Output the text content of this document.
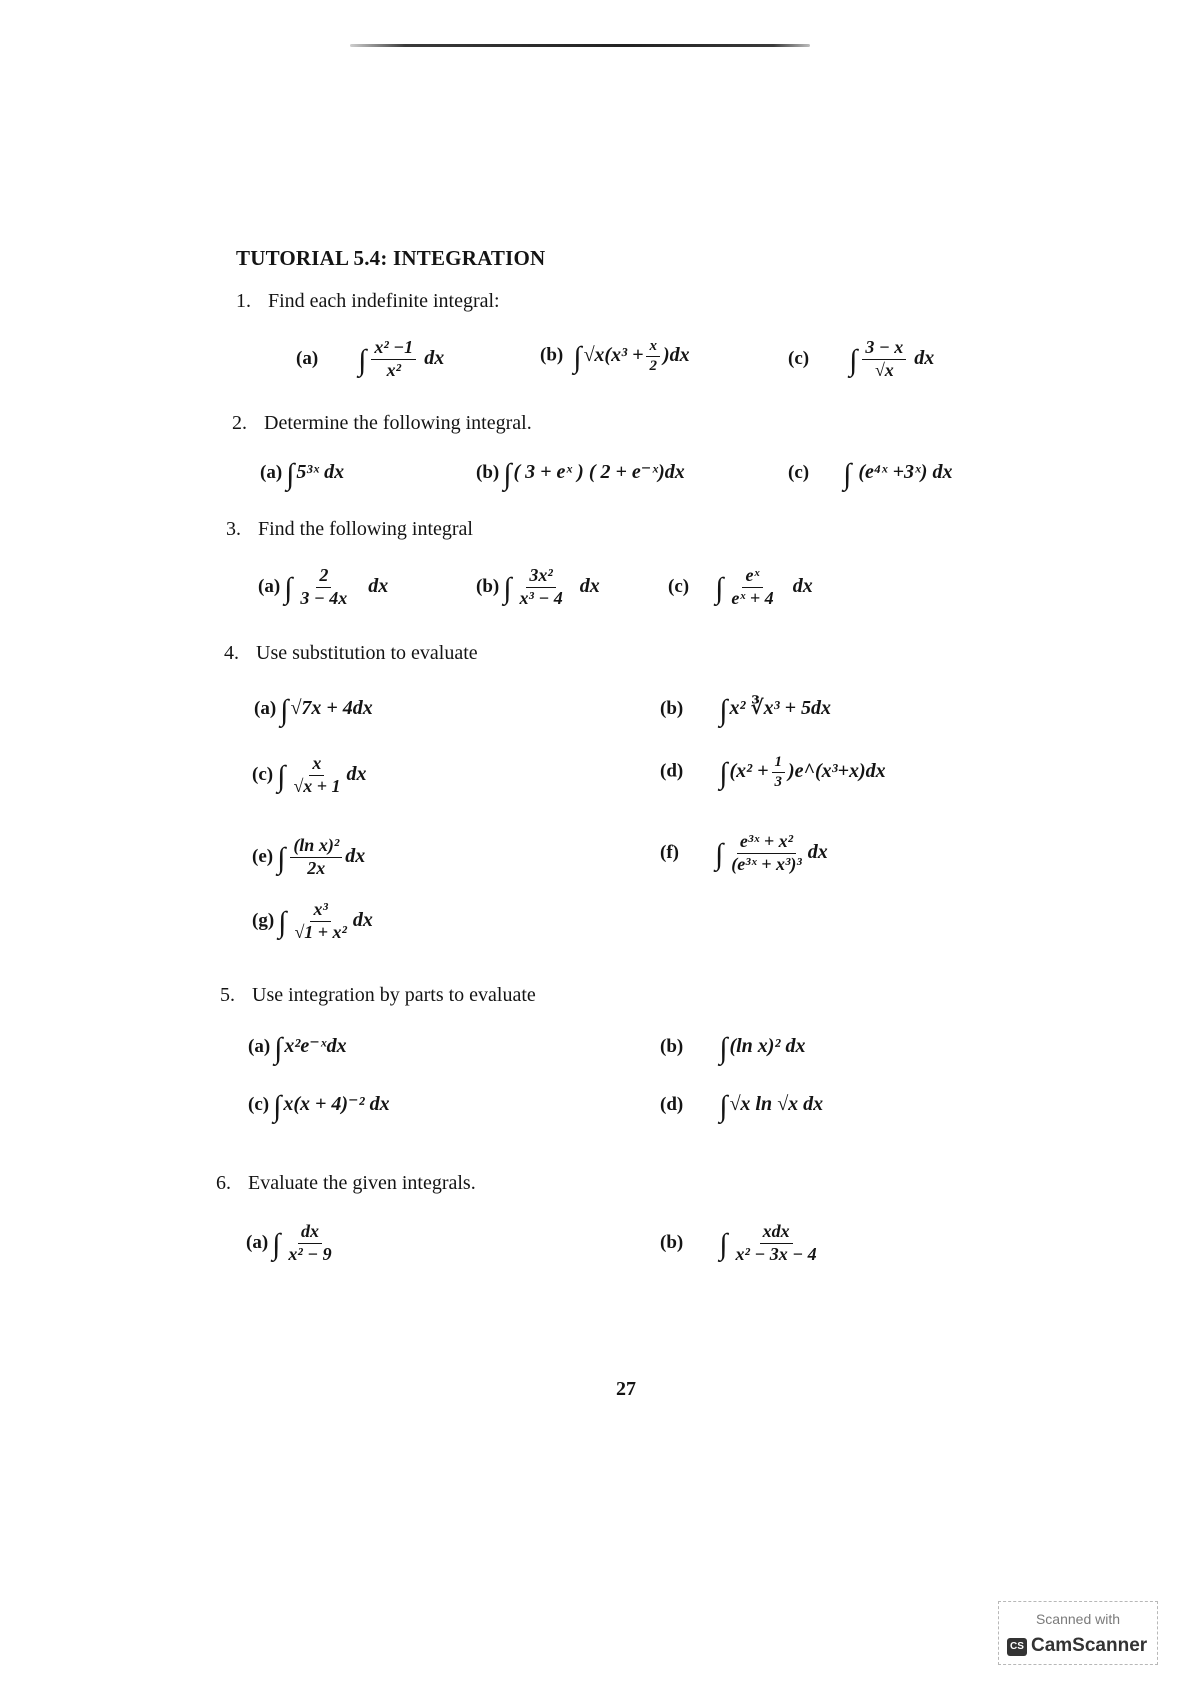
TUTORIAL 5.4: INTEGRATION
1. Find each indefinite integral:
(a) ∫ $\frac{\text{x² −1}}{\text{x²}}$ dx	(b) ∫ $√x(x^3 + \frac{x}{2} )dx$	(c) ∫ $\frac{3 - x}{√x}$ dx
2. Determine the following integral.
(a) ∫ 5³ˣ dx	(b) ∫ ( 3 + eˣ ) ( 2 + e⁻ˣ)dx	(c) ∫ (e⁴ˣ +3ˣ) dx
3. Find the following integral
(a) ∫ $\frac{2}{3 - 4x}$ dx	(b) ∫ $\frac{\text{3x²}}{\text{x³ − 4}}$ dx	(c) ∫ $\frac{\text{eˣ}}{\text{eˣ + 4}}$ dx
4. Use substitution to evaluate
(a) ∫ √7x + 4dx	(b) ∫ x² ∛x³ + 5dx
(c) ∫ $\frac{x}{√x + 1}$ dx	(d) ∫ ($x^2 + \frac{1}{3}$ )e^(x³+x)dx
(e) ∫ $\frac{\text{(ln x)²}}{2x}$ dx	(f) ∫ $\frac{\text{e³ˣ + x²}}{\text{(e³ˣ + x³)³}}$ dx
(g) ∫ $\frac{\text{x³}}{\text{√1 + x²}}$ dx
5. Use integration by parts to evaluate
(a) ∫ x²e⁻ˣdx	(b) ∫ (ln x)² dx
(c) ∫ x(x + 4)⁻² dx	(d) ∫ √x ln √x dx
6. Evaluate the given integrals.
(a) ∫ $\frac{dx}{\text{x² − 9}}$	(b) ∫ $\frac{\text{xdx}}{\text{x² − 3x − 4}}$
27
Scanned with
CS CamScanner
